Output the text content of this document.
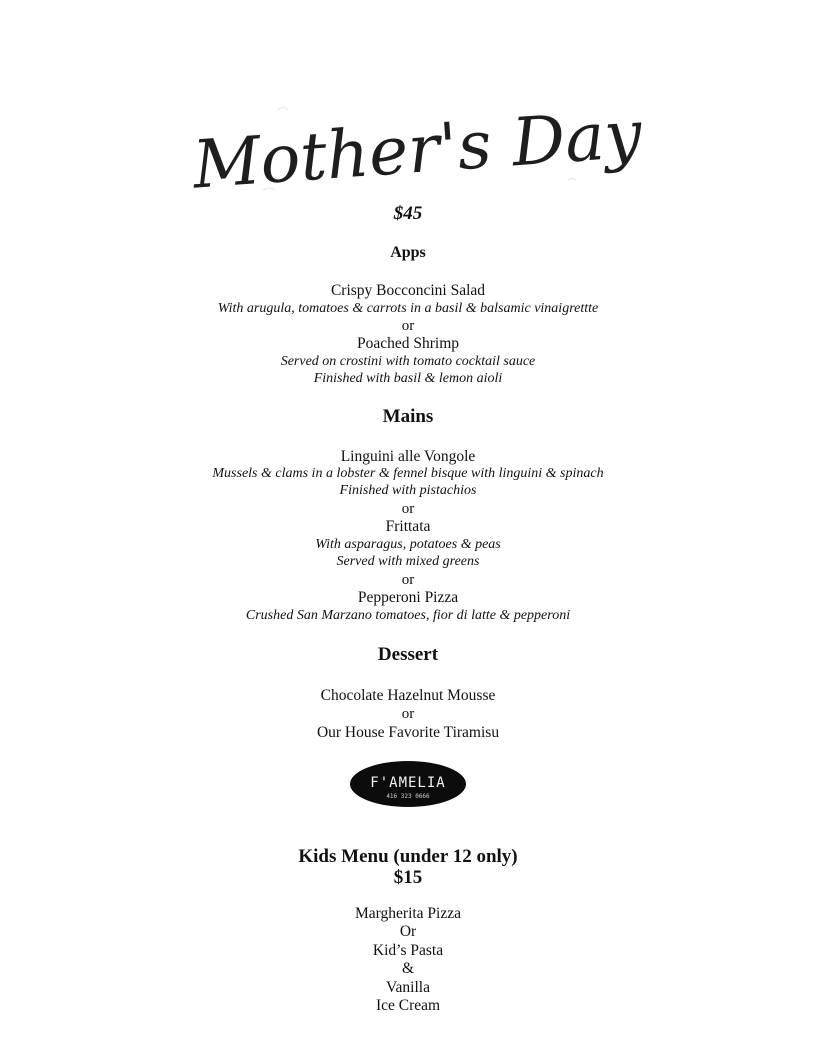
Mother's Day
$45
Apps
Crispy Bocconcini Salad
With arugula, tomatoes & carrots in a basil & balsamic vinaigrettte
or
Poached Shrimp
Served on crostini with tomato cocktail sauce
Finished with basil & lemon aioli
Mains
Linguini alle Vongole
Mussels & clams in a lobster & fennel bisque with linguini & spinach
Finished with pistachios
or
Frittata
With asparagus, potatoes & peas
Served with mixed greens
or
Pepperoni Pizza
Crushed San Marzano tomatoes, fior di latte & pepperoni
Dessert
Chocolate Hazelnut Mousse
or
Our House Favorite Tiramisu
F'AMELIA
416 323 0666
Kids Menu (under 12 only)
$15
Margherita Pizza
Or
Kid’s Pasta
&
Vanilla
Ice Cream
